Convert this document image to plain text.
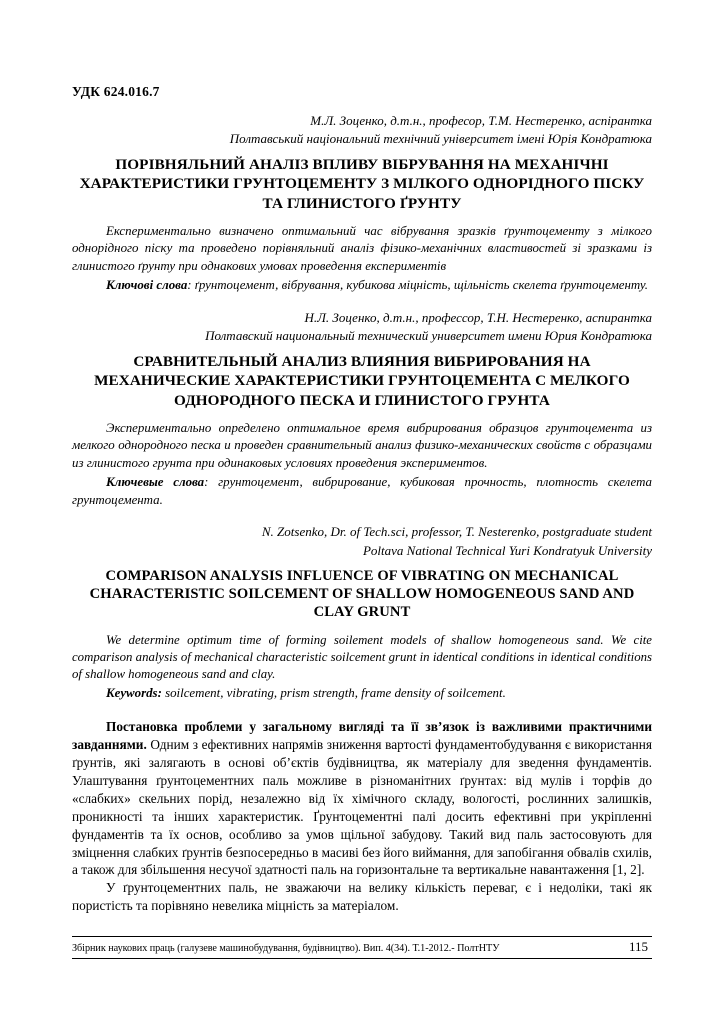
УДК 624.016.7

М.Л. Зоценко, д.т.н., професор, Т.М. Нестеренко, аспірантка

Полтавський національний технічний університет імені Юрія Кондратюка

ПОРІВНЯЛЬНИЙ АНАЛІЗ ВПЛИВУ ВІБРУВАННЯ НА МЕХАНІЧНІ ХАРАКТЕРИСТИКИ ГРУНТОЦЕМЕНТУ З МІЛКОГО ОДНОРІДНОГО ПІСКУ ТА ГЛИНИСТОГО ҐРУНТУ

Експериментально визначено оптимальний час вібрування зразків ґрунтоцементу з мілкого однорідного піску та проведено порівняльний аналіз фізико-механічних властивостей зі зразками із глинистого ґрунту при однакових умовах проведення експериментів

Ключові слова: ґрунтоцемент, вібрування, кубикова міцність, щільність скелета ґрунтоцементу.

Н.Л. Зоценко, д.т.н., профессор, Т.Н. Нестеренко, аспирантка

Полтавский национальный технический университет имени Юрия Кондратюка

СРАВНИТЕЛЬНЫЙ АНАЛИЗ ВЛИЯНИЯ ВИБРИРОВАНИЯ НА МЕХАНИЧЕСКИЕ ХАРАКТЕРИСТИКИ ГРУНТОЦЕМЕНТА С МЕЛКОГО ОДНОРОДНОГО ПЕСКА И ГЛИНИСТОГО ГРУНТА

Экспериментально определено оптимальное время вибрирования образцов грунтоцемента из мелкого однородного песка и проведен сравнительный анализ физико-механических свойств с образцами из глинистого грунта при одинаковых условиях проведения экспериментов.

Ключевые слова: грунтоцемент, вибрирование, кубиковая прочность, плотность скелета грунтоцемента.

N. Zotsenko, Dr. of Tech.sci, professor, T. Nesterenko, postgraduate student

Poltava National Technical Yuri Kondratyuk University

COMPARISON ANALYSIS INFLUENCE OF VIBRATING ON MECHANICAL CHARACTERISTIC SOILCEMENT OF SHALLOW HOMOGENEOUS SAND AND CLAY GRUNT

We determine optimum time of forming soilement models of shallow homogeneous sand. We cite comparison analysis of mechanical characteristic soilcement grunt in identical conditions in identical conditions of shallow homogeneous sand and clay.

Keywords: soilcement, vibrating, prism strength, frame density of soilcement.

Постановка проблеми у загальному вигляді та її зв’язок із важливими практичними завданнями. Одним з ефективних напрямів зниження вартості фундаментобудування є використання ґрунтів, які залягають в основі об’єктів будівництва, як матеріалу для зведення фундаментів. Улаштування ґрунтоцементних паль можливе в різноманітних ґрунтах: від мулів і торфів до «слабких» скельних порід, незалежно від їх хімічного складу, вологості, рослинних залишків, проникності та інших характеристик. Ґрунтоцементні палі досить ефективні при укріпленні фундаментів та їх основ, особливо за умов щільної забудову. Такий вид паль застосовують для зміцнення слабких ґрунтів безпосередньо в масиві без його виймання, для запобігання обвалів схилів, а також для збільшення несучої здатності паль на горизонтальне та вертикальне навантаження [1, 2].

У ґрунтоцементних паль, не зважаючи на велику кількість переваг, є і недоліки, такі як пористість та порівняно невелика міцність за матеріалом.

Збірник наукових праць (галузеве машинобудування, будівництво). Вип. 4(34). Т.1-2012.- ПолтНТУ	115
